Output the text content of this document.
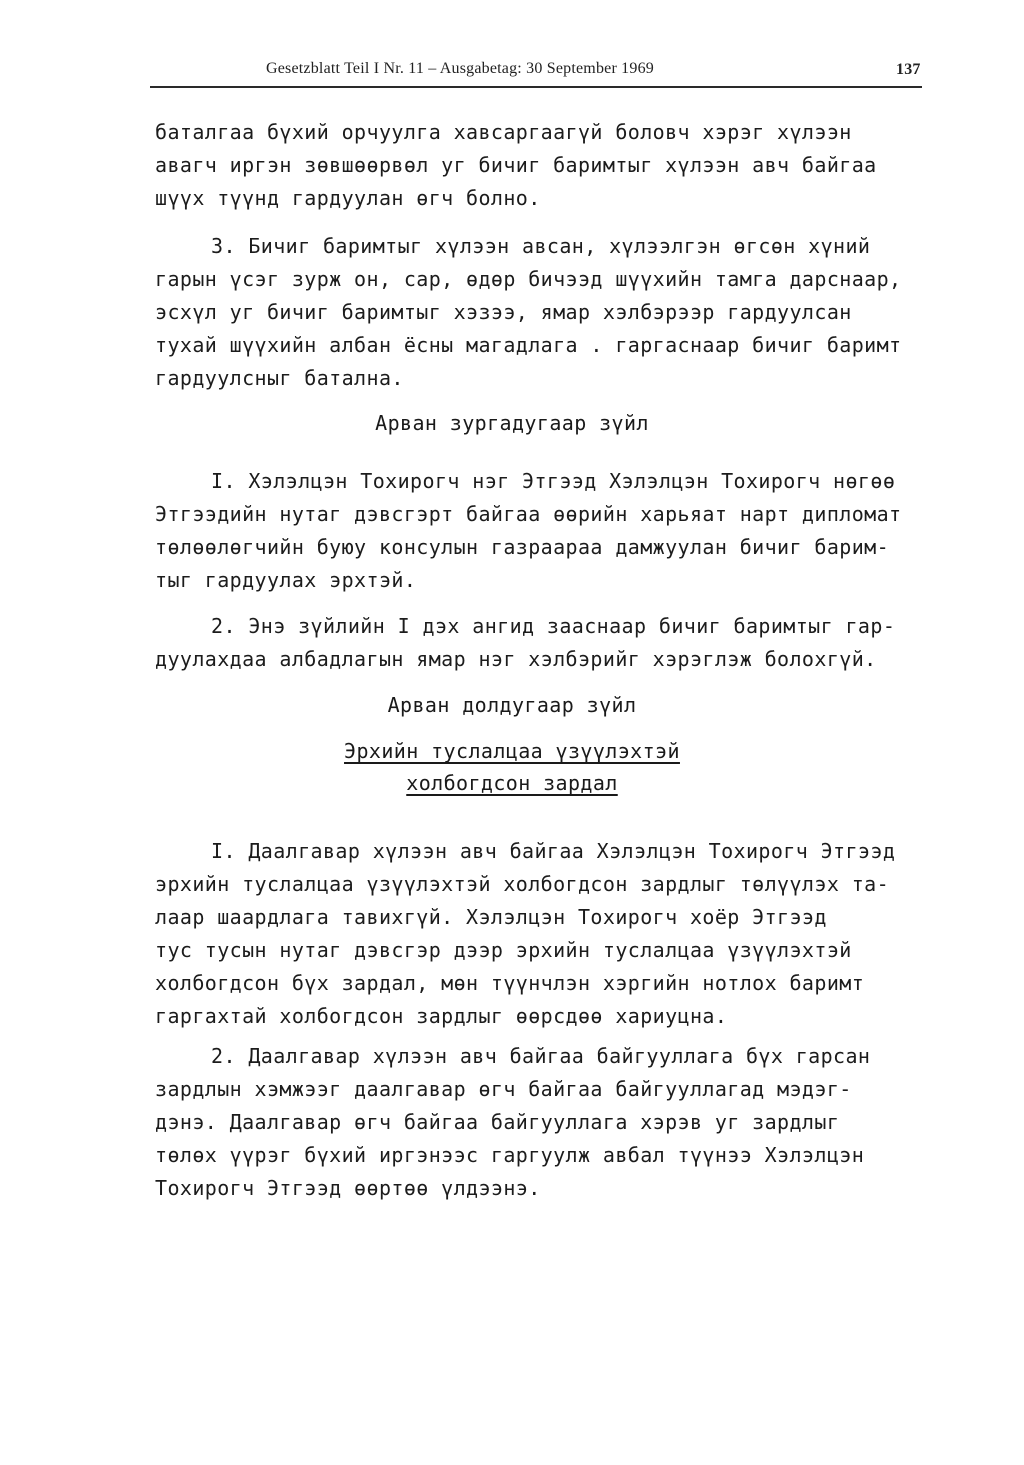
Gesetzblatt Teil I Nr. 11 – Ausgabetag: 30 September 1969	137

баталгаа бүхий орчуулга хавсаргаагүй боловч хэрэг хүлээн
авагч иргэн зөвшөөрвөл уг бичиг баримтыг хүлээн авч байгаа
шүүх түүнд гардуулан өгч болно.

3. Бичиг баримтыг хүлээн авсан, хүлээлгэн өгсөн хүний
гарын үсэг зурж он, сар, өдөр бичээд шүүхийн тамга дарснаар,
эсхүл уг бичиг баримтыг хэзээ, ямар хэлбэрээр гардуулсан
тухай шүүхийн албан ёсны магадлага . гаргаснаар бичиг баримт
гардуулсныг батална.

Арван зургадугаар зүйл

I. Хэлэлцэн Тохирогч нэг Этгээд Хэлэлцэн Тохирогч нөгөө
Этгээдийн нутаг дэвсгэрт байгаа өөрийн харьяат нарт дипломат
төлөөлөгчийн буюу консулын газраараа дамжуулан бичиг барим-
тыг гардуулах эрхтэй.

2. Энэ зүйлийн I дэх ангид зааснаар бичиг баримтыг гар-
дуулахдаа албадлагын ямар нэг хэлбэрийг хэрэглэж болохгүй.

Арван долдугаар зүйл
Эрхийн туслалцаа үзүүлэхтэй
холбогдсон зардал

I. Даалгавар хүлээн авч байгаа Хэлэлцэн Тохирогч Этгээд
эрхийн туслалцаа үзүүлэхтэй холбогдсон зардлыг төлүүлэх та-
лаар шаардлага тавихгүй. Хэлэлцэн Тохирогч хоёр Этгээд
тус тусын нутаг дэвсгэр дээр эрхийн туслалцаа үзүүлэхтэй
холбогдсон бүх зардал, мөн түүнчлэн хэргийн нотлох баримт
гаргахтай холбогдсон зардлыг өөрсдөө хариуцна.

2. Даалгавар хүлээн авч байгаа байгууллага бүх гарсан
зардлын хэмжээг даалгавар өгч байгаа байгууллагад мэдэг-
дэнэ. Даалгавар өгч байгаа байгууллага хэрэв уг зардлыг
төлөх үүрэг бүхий иргэнээс гаргуулж авбал түүнээ Хэлэлцэн
Тохирогч Этгээд өөртөө үлдээнэ.
